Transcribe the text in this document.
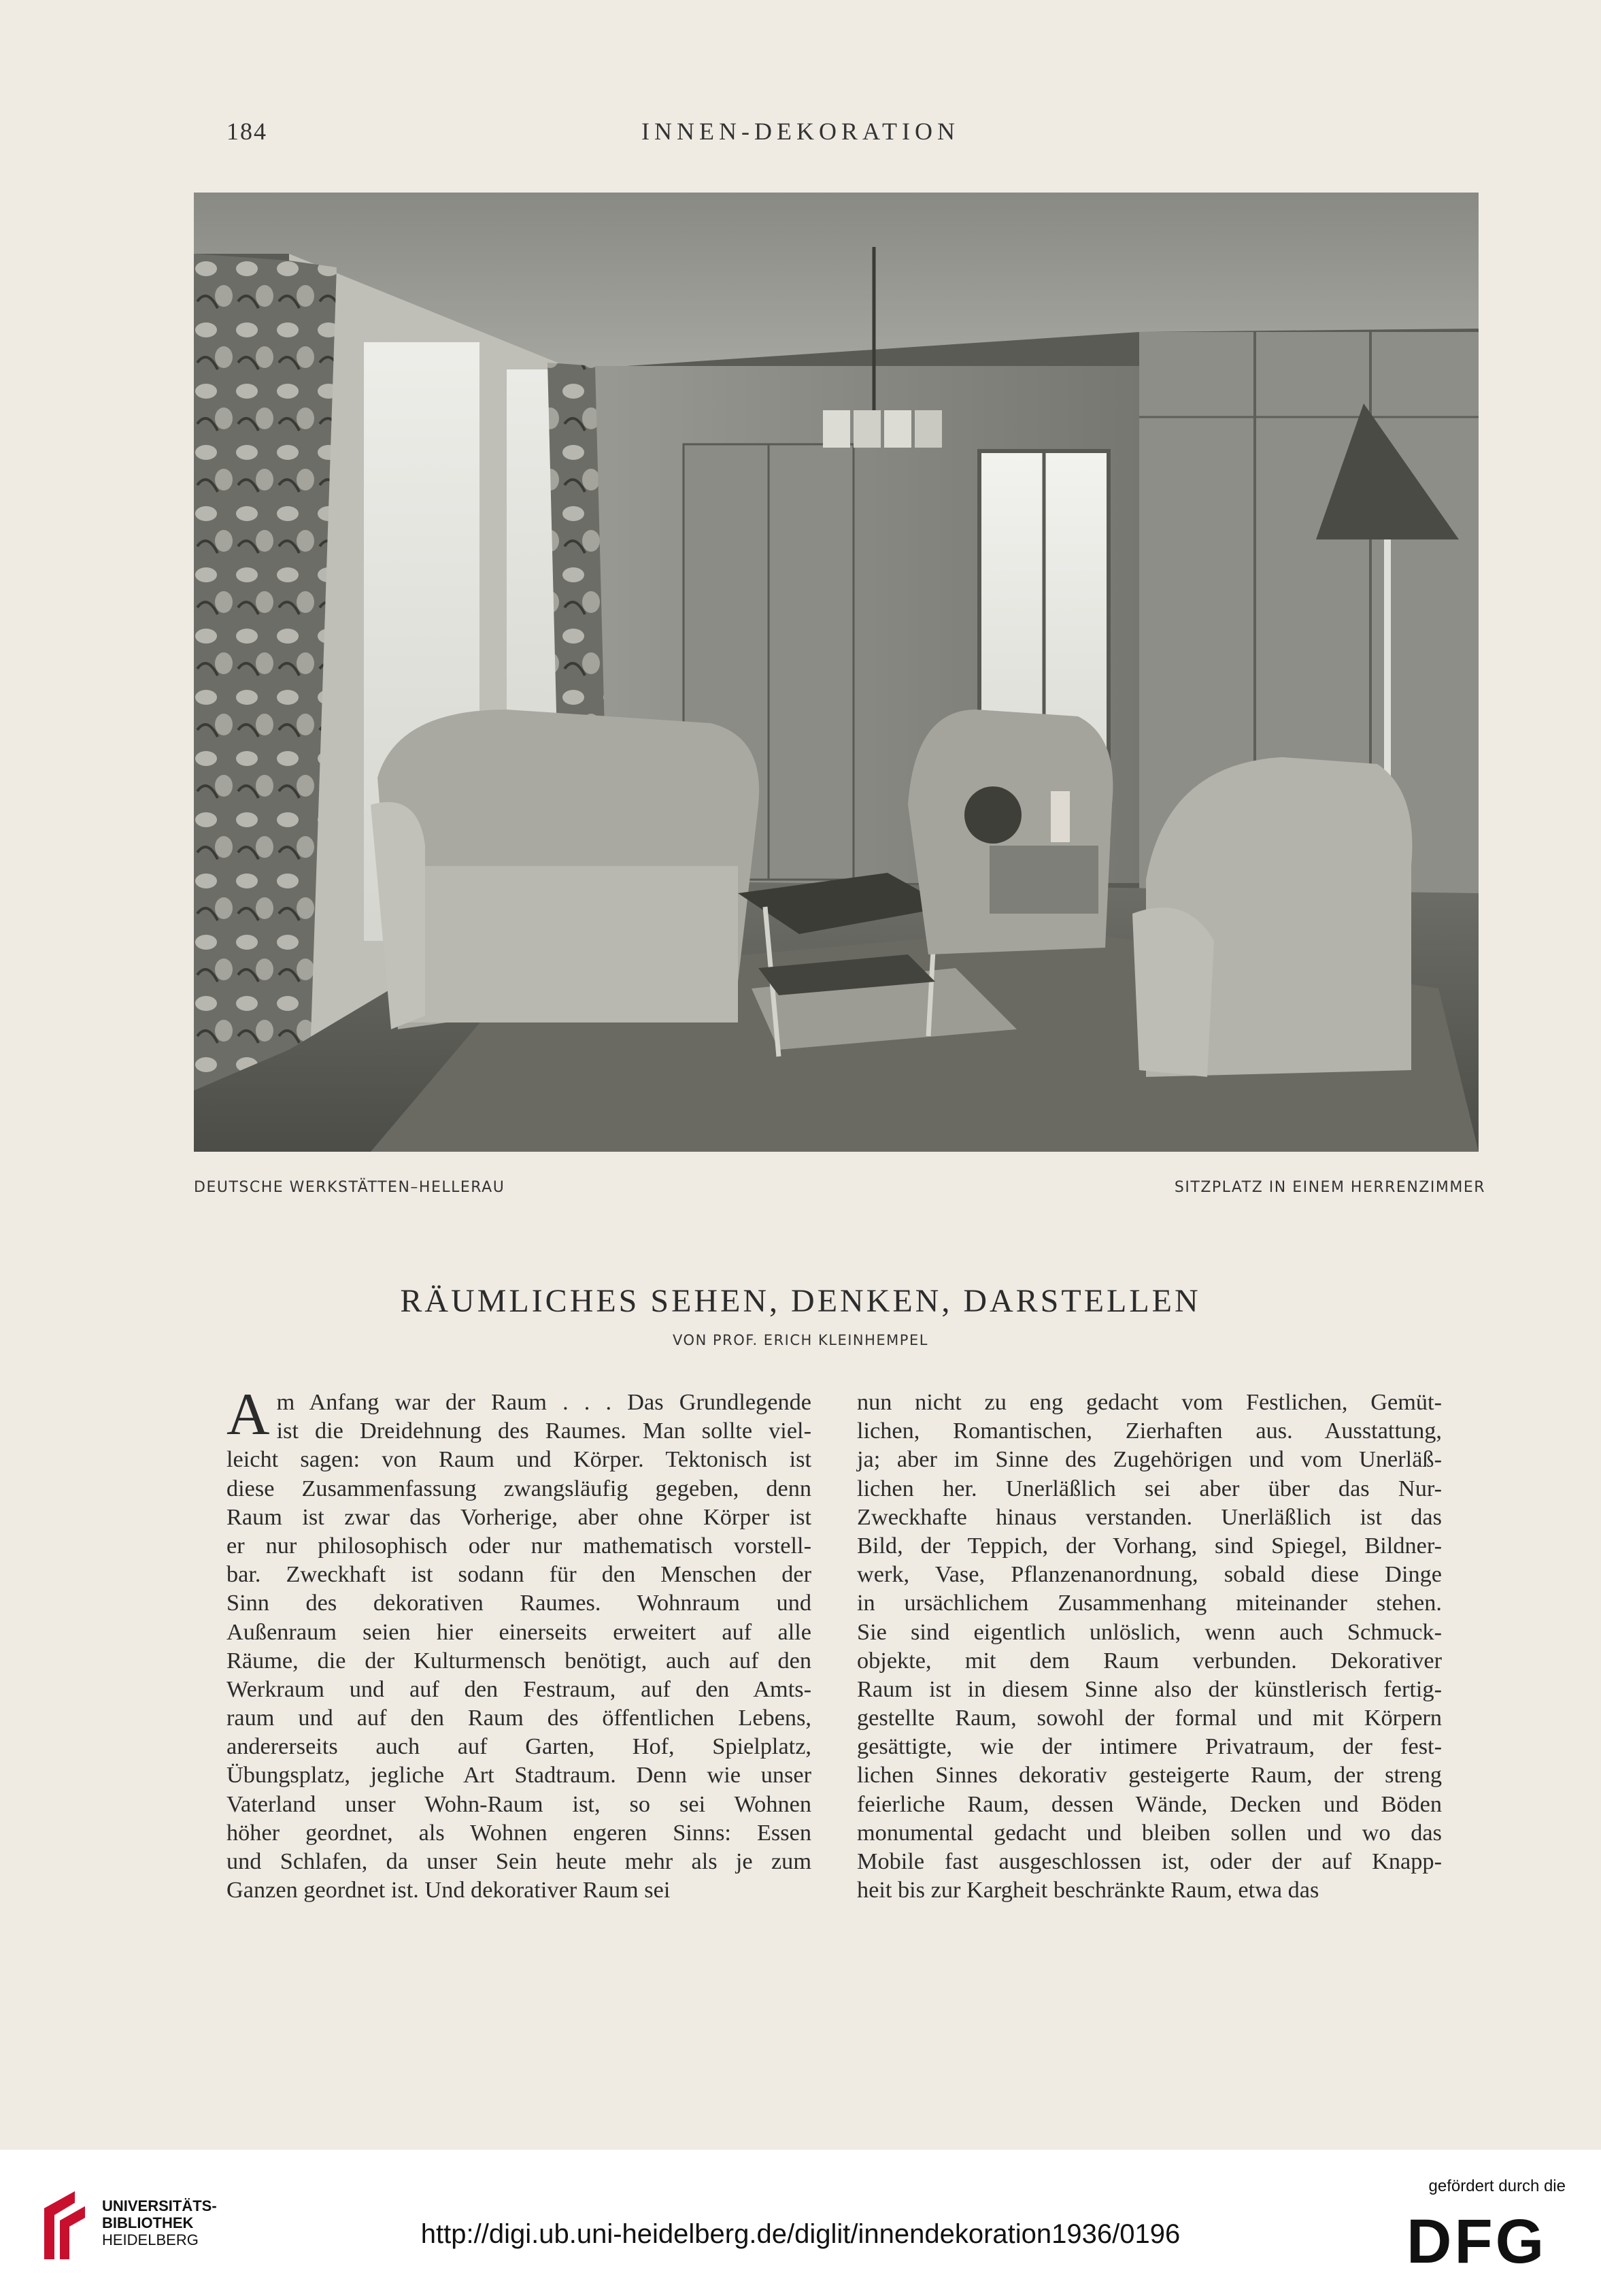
184	INNEN-DEKORATION
DEUTSCHE WERKSTÄTTEN–HELLERAU	SITZPLATZ IN EINEM HERRENZIMMER
RÄUMLICHES SEHEN, DENKEN, DARSTELLEN
VON PROF. ERICH KLEINHEMPEL
A m Anfang war der Raum . . . Das Grundlegende
ist die Dreidehnung des Raumes. Man sollte viel-
leicht sagen: von Raum und Körper. Tektonisch ist
diese Zusammenfassung zwangsläufig gegeben, denn
Raum ist zwar das Vorherige, aber ohne Körper ist
er nur philosophisch oder nur mathematisch vorstell-
bar. Zweckhaft ist sodann für den Menschen der
Sinn des dekorativen Raumes. Wohnraum und
Außenraum seien hier einerseits erweitert auf alle
Räume, die der Kulturmensch benötigt, auch auf den
Werkraum und auf den Festraum, auf den Amts-
raum und auf den Raum des öffentlichen Lebens,
andererseits auch auf Garten, Hof, Spielplatz,
Übungsplatz, jegliche Art Stadtraum. Denn wie unser
Vaterland unser Wohn-Raum ist, so sei Wohnen
höher geordnet, als Wohnen engeren Sinns: Essen
und Schlafen, da unser Sein heute mehr als je zum
Ganzen geordnet ist. Und dekorativer Raum sei
nun nicht zu eng gedacht vom Festlichen, Gemüt-
lichen, Romantischen, Zierhaften aus. Ausstattung,
ja; aber im Sinne des Zugehörigen und vom Unerläß-
lichen her. Unerläßlich sei aber über das Nur-
Zweckhafte hinaus verstanden. Unerläßlich ist das
Bild, der Teppich, der Vorhang, sind Spiegel, Bildner-
werk, Vase, Pflanzenanordnung, sobald diese Dinge
in ursächlichem Zusammenhang miteinander stehen.
Sie sind eigentlich unlöslich, wenn auch Schmuck-
objekte, mit dem Raum verbunden. Dekorativer
Raum ist in diesem Sinne also der künstlerisch fertig-
gestellte Raum, sowohl der formal und mit Körpern
gesättigte, wie der intimere Privatraum, der fest-
lichen Sinnes dekorativ gesteigerte Raum, der streng
feierliche Raum, dessen Wände, Decken und Böden
monumental gedacht und bleiben sollen und wo das
Mobile fast ausgeschlossen ist, oder der auf Knapp-
heit bis zur Kargheit beschränkte Raum, etwa das
UNIVERSITÄTS-
BIBLIOTHEK
HEIDELBERG	http://digi.ub.uni-heidelberg.de/diglit/innendekoration1936/0196
gefördert durch die
DFG
